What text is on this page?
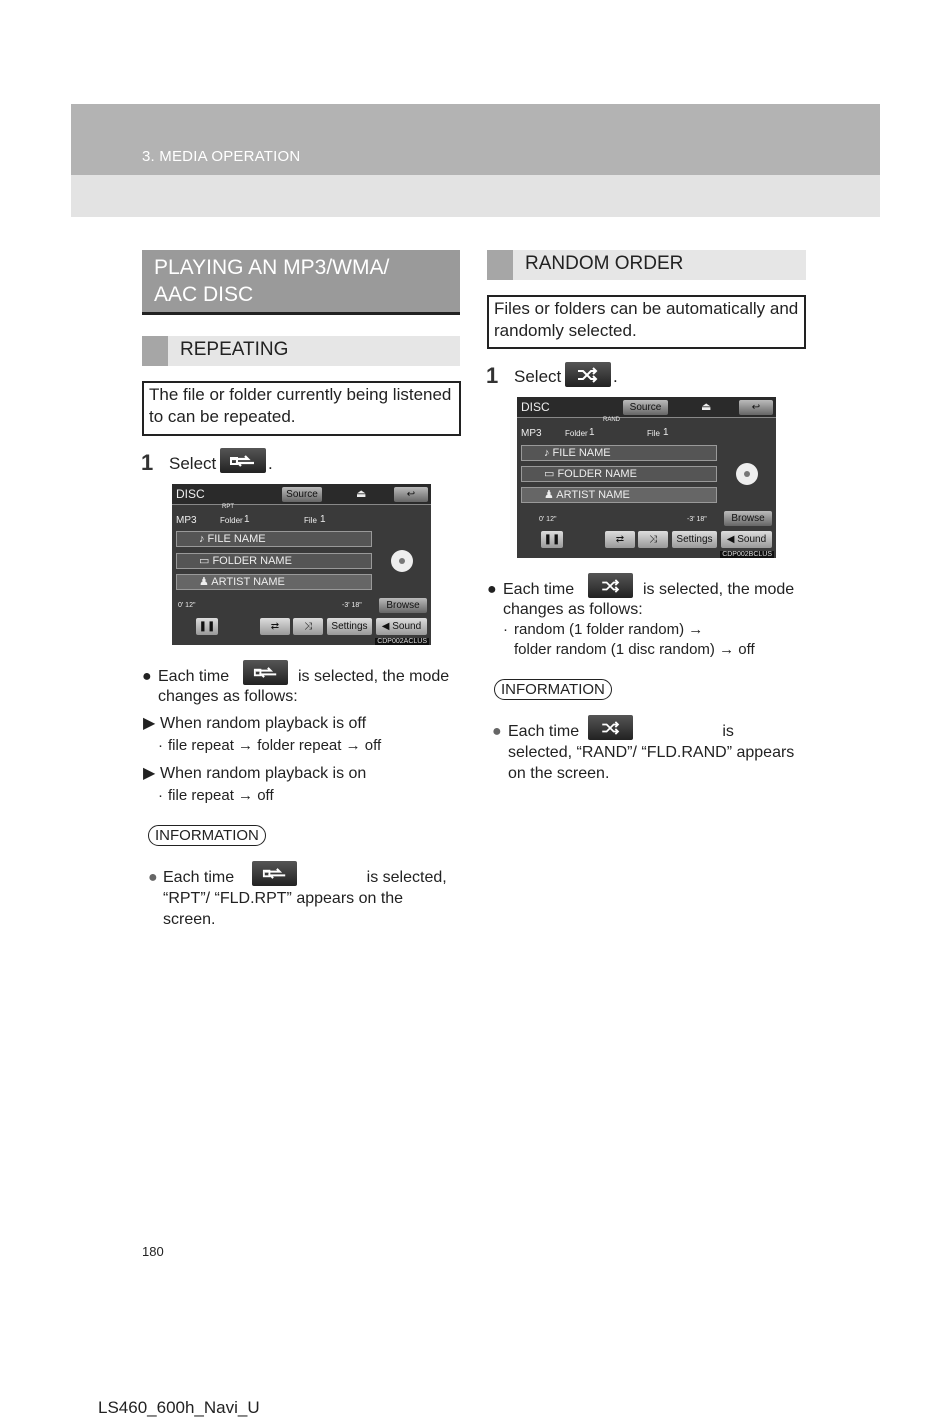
3. MEDIA OPERATION
PLAYING AN MP3/WMA/
AAC DISC
REPEATING
The file or folder currently being listened to can be repeated.
1 Select	.
DISC	Source	⏏	↩
RPT
MP3	Folder 1	File 1
♪ FILE NAME
▭ FOLDER NAME
♟ ARTIST NAME
0' 12"	-3' 18"	Browse
❚❚	⇄	⤨	Settings	◀ Sound
CDP002ACLUS
● Each time	is selected, the mode
changes as follows:
▶ When random playback is off
· file repeat → folder repeat → off
▶ When random playback is on
· file repeat → off
INFORMATION
● Each time	is selected, “RPT”/ “FLD.RPT” appears on the screen.
RANDOM ORDER
Files or folders can be automatically and randomly selected.
1 Select	.
DISC	Source	⏏	↩
RAND
MP3	Folder 1	File 1
♪ FILE NAME
▭ FOLDER NAME
♟ ARTIST NAME
0' 12"	-3' 18"	Browse
❚❚	⇄	⤨	Settings	◀ Sound
CDP002BCLUS
● Each time	is selected, the mode
changes as follows:
· random (1 folder random) →
folder random (1 disc random) → off
INFORMATION
● Each time	is selected, “RAND”/ “FLD.RAND” appears on the screen.
180
LS460_600h_Navi_U
